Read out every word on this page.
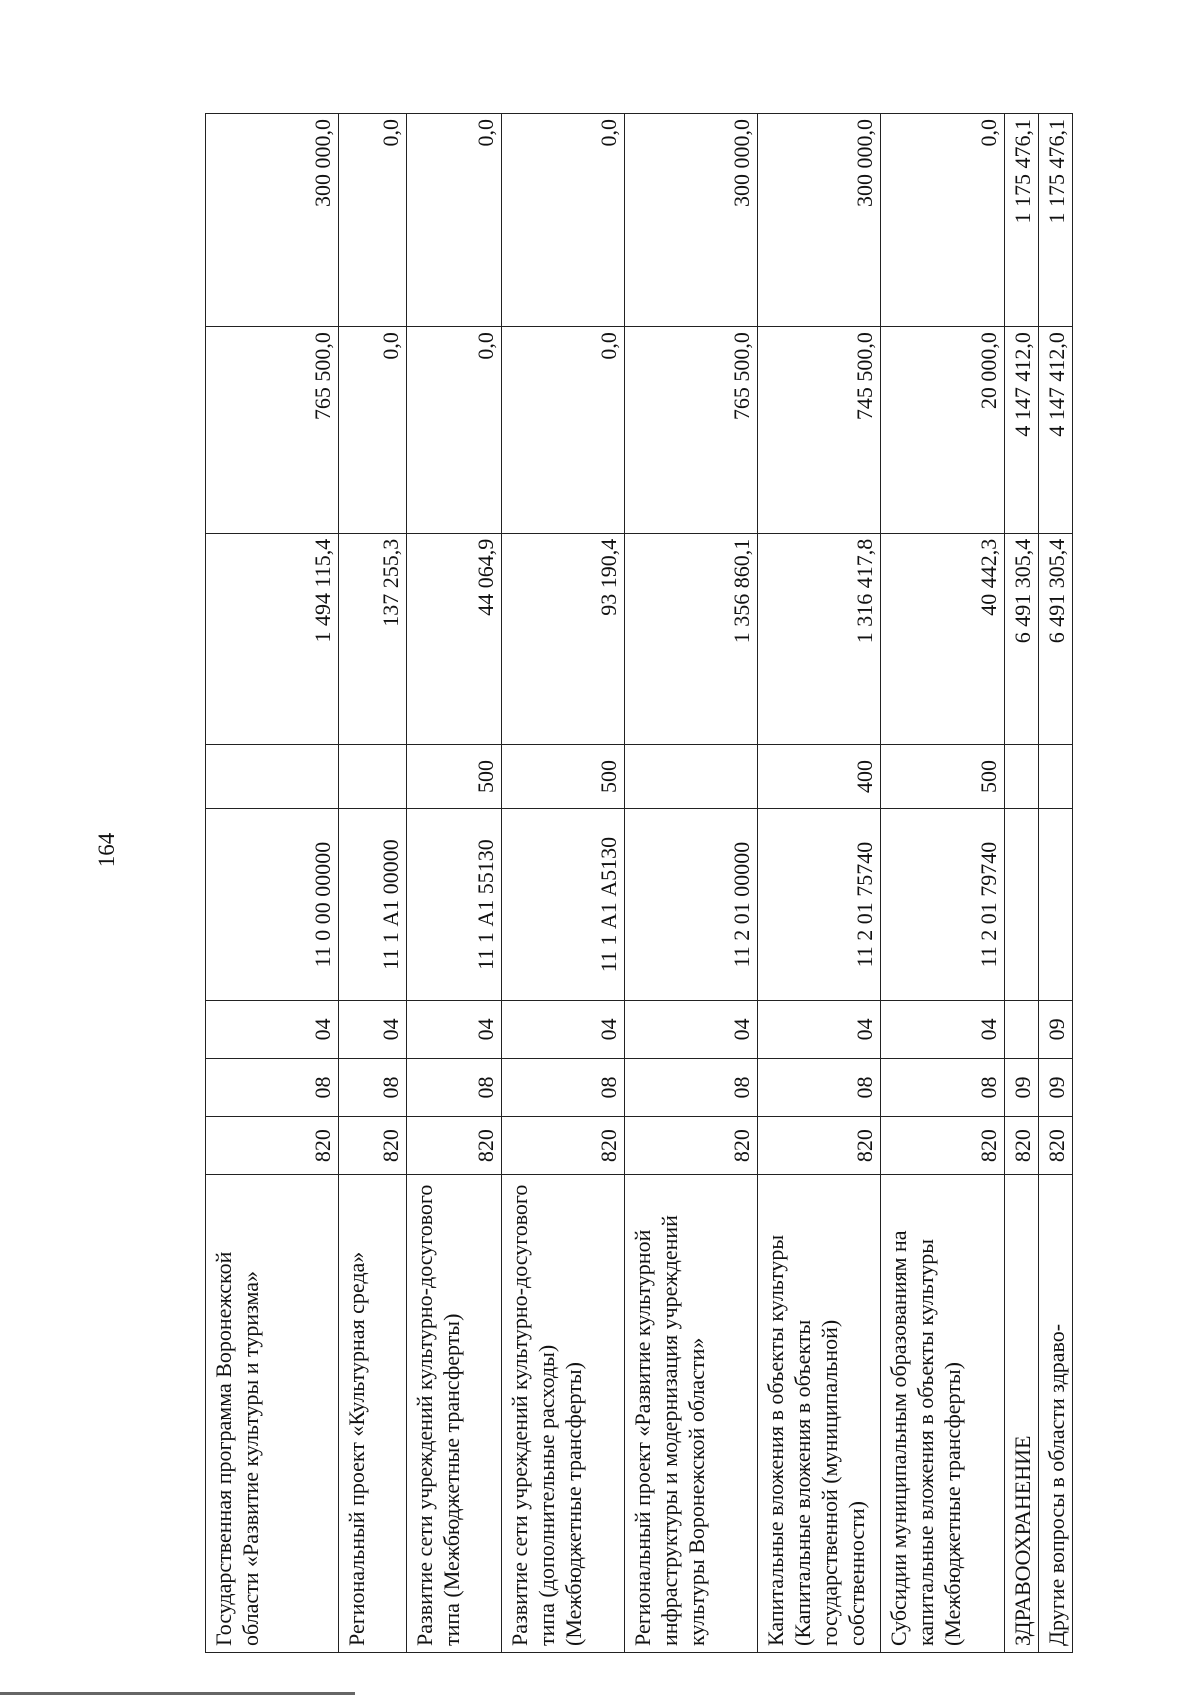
164
Государственная программа Воронежской области «Развитие культуры и туризма»	820	08	04	11 0 00 00000		1 494 115,4	765 500,0	300 000,0
Региональный проект «Культурная среда»	820	08	04	11 1 А1 00000		137 255,3	0,0	0,0
Развитие сети учреждений культурно-досугового типа (Межбюджетные трансферты)	820	08	04	11 1 А1 55130	500	44 064,9	0,0	0,0
Развитие сети учреждений культурно-досугового типа (дополнительные расходы) (Межбюджетные трансферты)	820	08	04	11 1 А1 А5130	500	93 190,4	0,0	0,0
Региональный проект «Развитие культурной инфраструктуры и модернизация учреждений культуры Воронежской области»	820	08	04	11 2 01 00000		1 356 860,1	765 500,0	300 000,0
Капитальные вложения в объекты культуры (Капитальные вложения в объекты государственной (муниципальной) собственности)	820	08	04	11 2 01 75740	400	1 316 417,8	745 500,0	300 000,0
Субсидии муниципальным образованиям на капитальные вложения в объекты культуры (Межбюджетные трансферты)	820	08	04	11 2 01 79740	500	40 442,3	20 000,0	0,0
ЗДРАВООХРАНЕНИЕ	820	09				6 491 305,4	4 147 412,0	1 175 476,1
Другие вопросы в области здраво-	820	09	09			6 491 305,4	4 147 412,0	1 175 476,1
